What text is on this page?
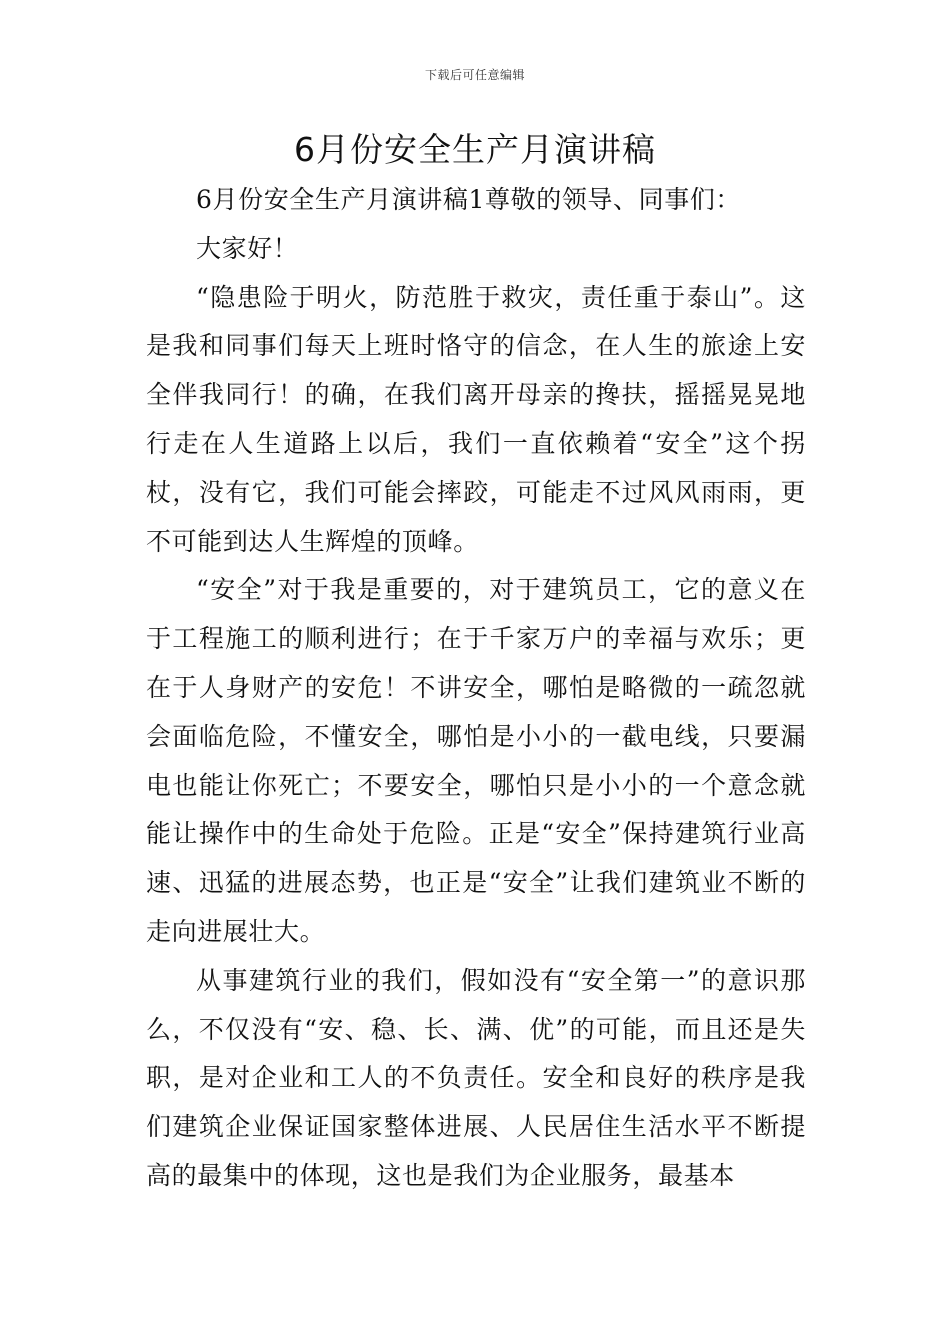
下载后可任意编辑
6月份安全生产月演讲稿

6月份安全生产月演讲稿1尊敬的领导、同事们：

大家好！

“隐患险于明火，防范胜于救灾，责任重于泰山”。这是我和同事们每天上班时恪守的信念，在人生的旅途上安全伴我同行！的确，在我们离开母亲的搀扶，摇摇晃晃地行走在人生道路上以后，我们一直依赖着“安全”这个拐杖，没有它，我们可能会摔跤，可能走不过风风雨雨，更不可能到达人生辉煌的顶峰。

“安全”对于我是重要的，对于建筑员工，它的意义在于工程施工的顺利进行；在于千家万户的幸福与欢乐；更在于人身财产的安危！不讲安全，哪怕是略微的一疏忽就会面临危险，不懂安全，哪怕是小小的一截电线，只要漏电也能让你死亡；不要安全，哪怕只是小小的一个意念就能让操作中的生命处于危险。正是“安全”保持建筑行业高速、迅猛的进展态势，也正是“安全”让我们建筑业不断的走向进展壮大。

从事建筑行业的我们，假如没有“安全第一”的意识那么，不仅没有“安、稳、长、满、优”的可能，而且还是失职，是对企业和工人的不负责任。安全和良好的秩序是我们建筑企业保证国家整体进展、人民居住生活水平不断提高的最集中的体现，这也是我们为企业服务，最基本
